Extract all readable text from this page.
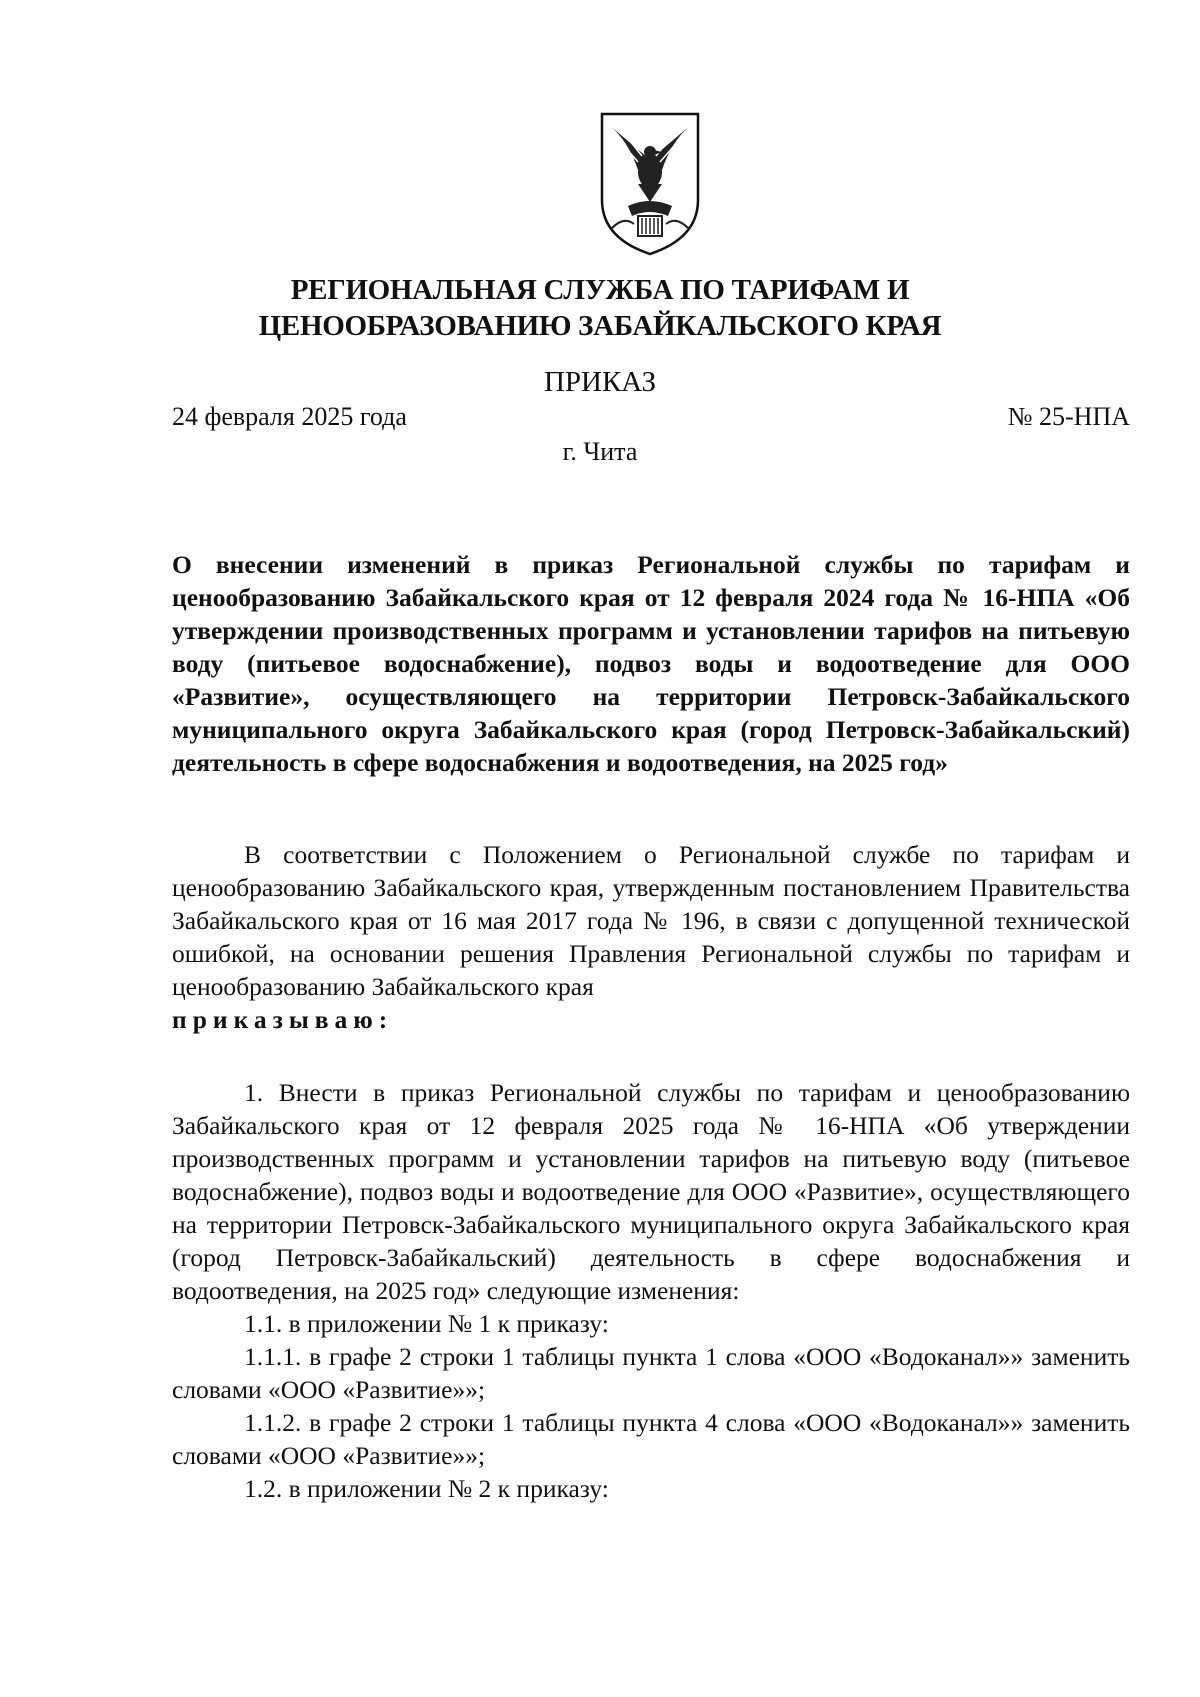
РЕГИОНАЛЬНАЯ СЛУЖБА ПО ТАРИФАМ И
ЦЕНООБРАЗОВАНИЮ ЗАБАЙКАЛЬСКОГО КРАЯ
ПРИКАЗ
24 февраля 2025 года	№ 25-НПА
г. Чита
О внесении изменений в приказ Региональной службы по тарифам и ценообразованию Забайкальского края от 12 февраля 2024 года № 16-НПА «Об утверждении производственных программ и установлении тарифов на питьевую воду (питьевое водоснабжение), подвоз воды и водоотведение для ООО «Развитие», осуществляющего на территории Петровск-Забайкальского муниципального округа Забайкальского края (город Петровск-Забайкальский) деятельность в сфере водоснабжения и водоотведения, на 2025 год»

В соответствии с Положением о Региональной службе по тарифам и ценообразованию Забайкальского края, утвержденным постановлением Правительства Забайкальского края от 16 мая 2017 года № 196, в связи с допущенной технической ошибкой, на основании решения Правления Региональной службы по тарифам и ценообразованию Забайкальского края
приказываю:

1. Внести в приказ Региональной службы по тарифам и ценообразованию Забайкальского края от 12 февраля 2025 года № 16-НПА «Об утверждении производственных программ и установлении тарифов на питьевую воду (питьевое водоснабжение), подвоз воды и водоотведение для ООО «Развитие», осуществляющего на территории Петровск-Забайкальского муниципального округа Забайкальского края (город Петровск-Забайкальский) деятельность в сфере водоснабжения и водоотведения, на 2025 год» следующие изменения:

1.1. в приложении № 1 к приказу:

1.1.1. в графе 2 строки 1 таблицы пункта 1 слова «ООО «Водоканал»» заменить словами «ООО «Развитие»»;

1.1.2. в графе 2 строки 1 таблицы пункта 4 слова «ООО «Водоканал»» заменить словами «ООО «Развитие»»;

1.2. в приложении № 2 к приказу:
